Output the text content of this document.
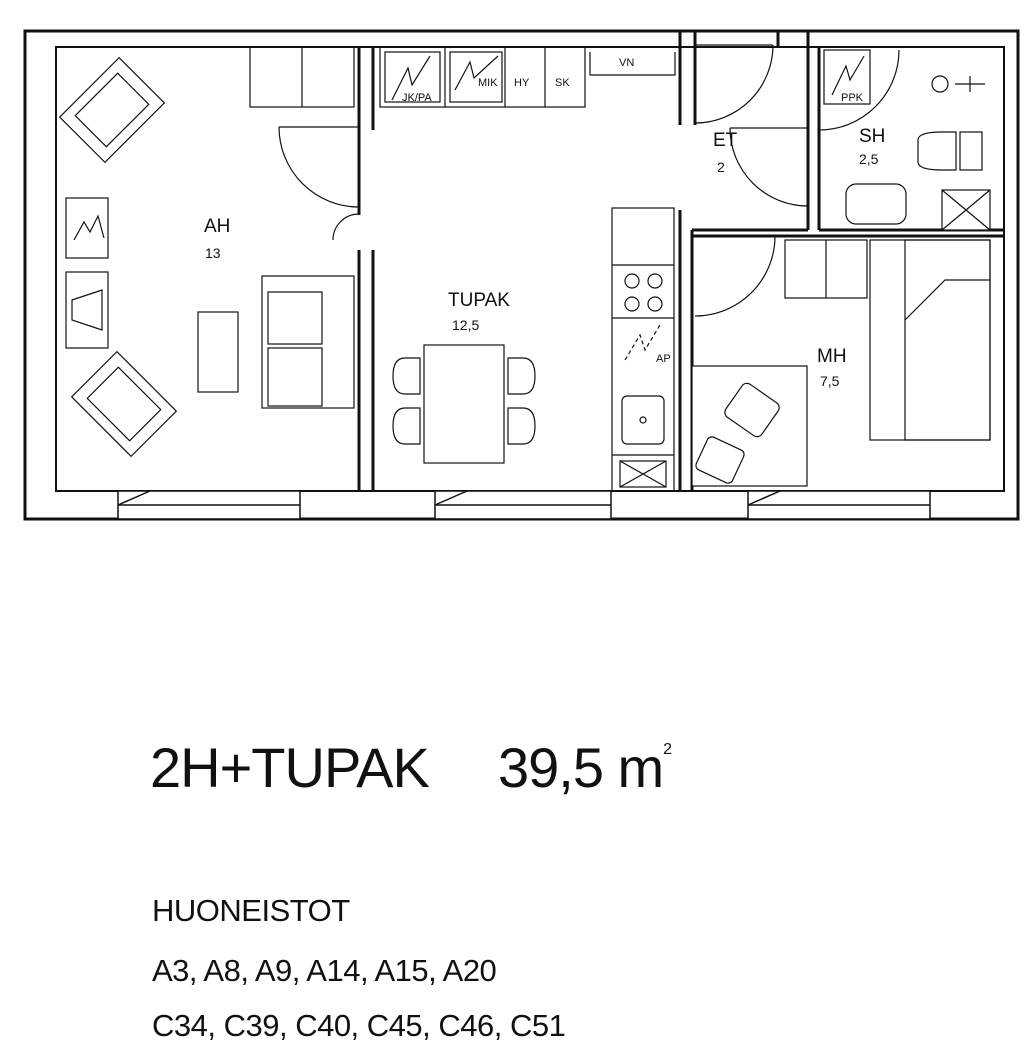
AH
13
TUPAK
12,5
ET
2
SH
2,5
MH
7,5
JK/PA
MIK HY SK
VN
PPK
AP
2H+TUPAK 39,5 $m^2$
HUONEISTOT
A3, A8, A9, A14, A15, A20
C34, C39, C40, C45, C46, C51
